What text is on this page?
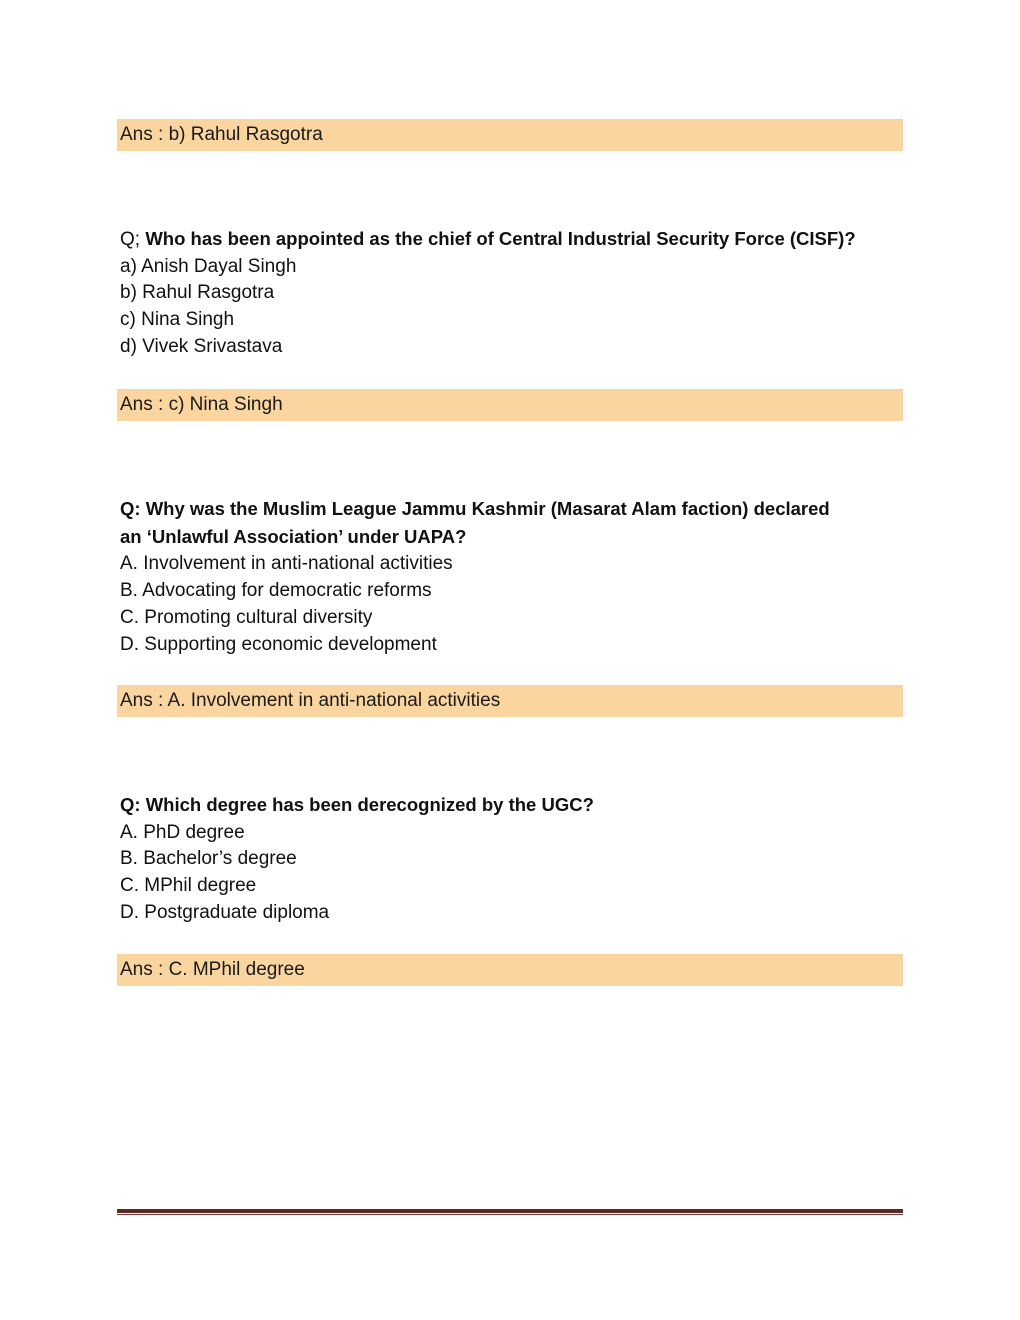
Ans : b) Rahul Rasgotra
Q; Who has been appointed as the chief of Central Industrial Security Force (CISF)?
a) Anish Dayal Singh
b) Rahul Rasgotra
c) Nina Singh
d) Vivek Srivastava
Ans : c) Nina Singh
Q: Why was the Muslim League Jammu Kashmir (Masarat Alam faction) declared
an ‘Unlawful Association’ under UAPA?
A. Involvement in anti-national activities
B. Advocating for democratic reforms
C. Promoting cultural diversity
D. Supporting economic development
Ans : A. Involvement in anti-national activities
Q: Which degree has been derecognized by the UGC?
A. PhD degree
B. Bachelor’s degree
C. MPhil degree
D. Postgraduate diploma
Ans : C. MPhil degree
